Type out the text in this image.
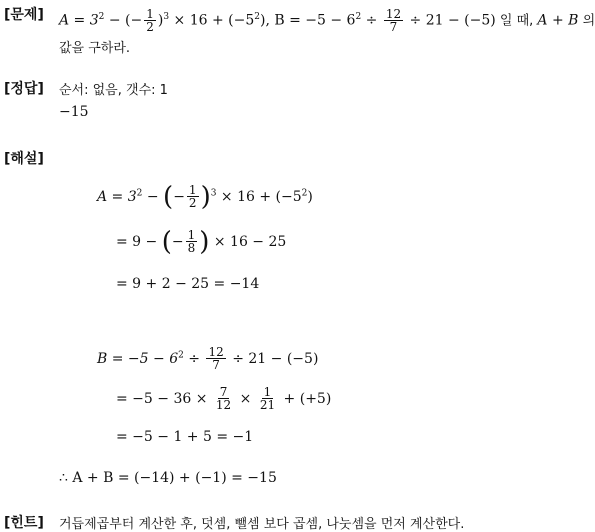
[문제] $A = 3^2$ − (− $\frac{1}{2} )^3 \times 16 + (-5^2)$, $B = -5 - 6^2 \div \frac{12}{7} \div 21 - (-5)$ 일 때, A + B 의
값을 구하라.
[정답] 순서: 없음, 갯수: 1
−15
[해설]
$A = 3^2$ − (− $\frac{1}{2} )^3 \times 16 + (-5^2)$
= 9 − (− $\frac{1}{8}$ ) × 16 − 25
= 9 + 2 − 25 = −14
$B = -5 - 6^2 \div \frac{12}{7} \div 21 - (-5)$
= $-5 - 36 \times \frac{7}{12} \times \frac{1}{21} + (+5)$
= −5 − 1 + 5 = −1
∴ A + B = (−14) + (−1) = −15
[힌트] 거듭제곱부터 계산한 후, 덧셈, 뺄셈 보다 곱셈, 나눗셈을 먼저 계산한다.
